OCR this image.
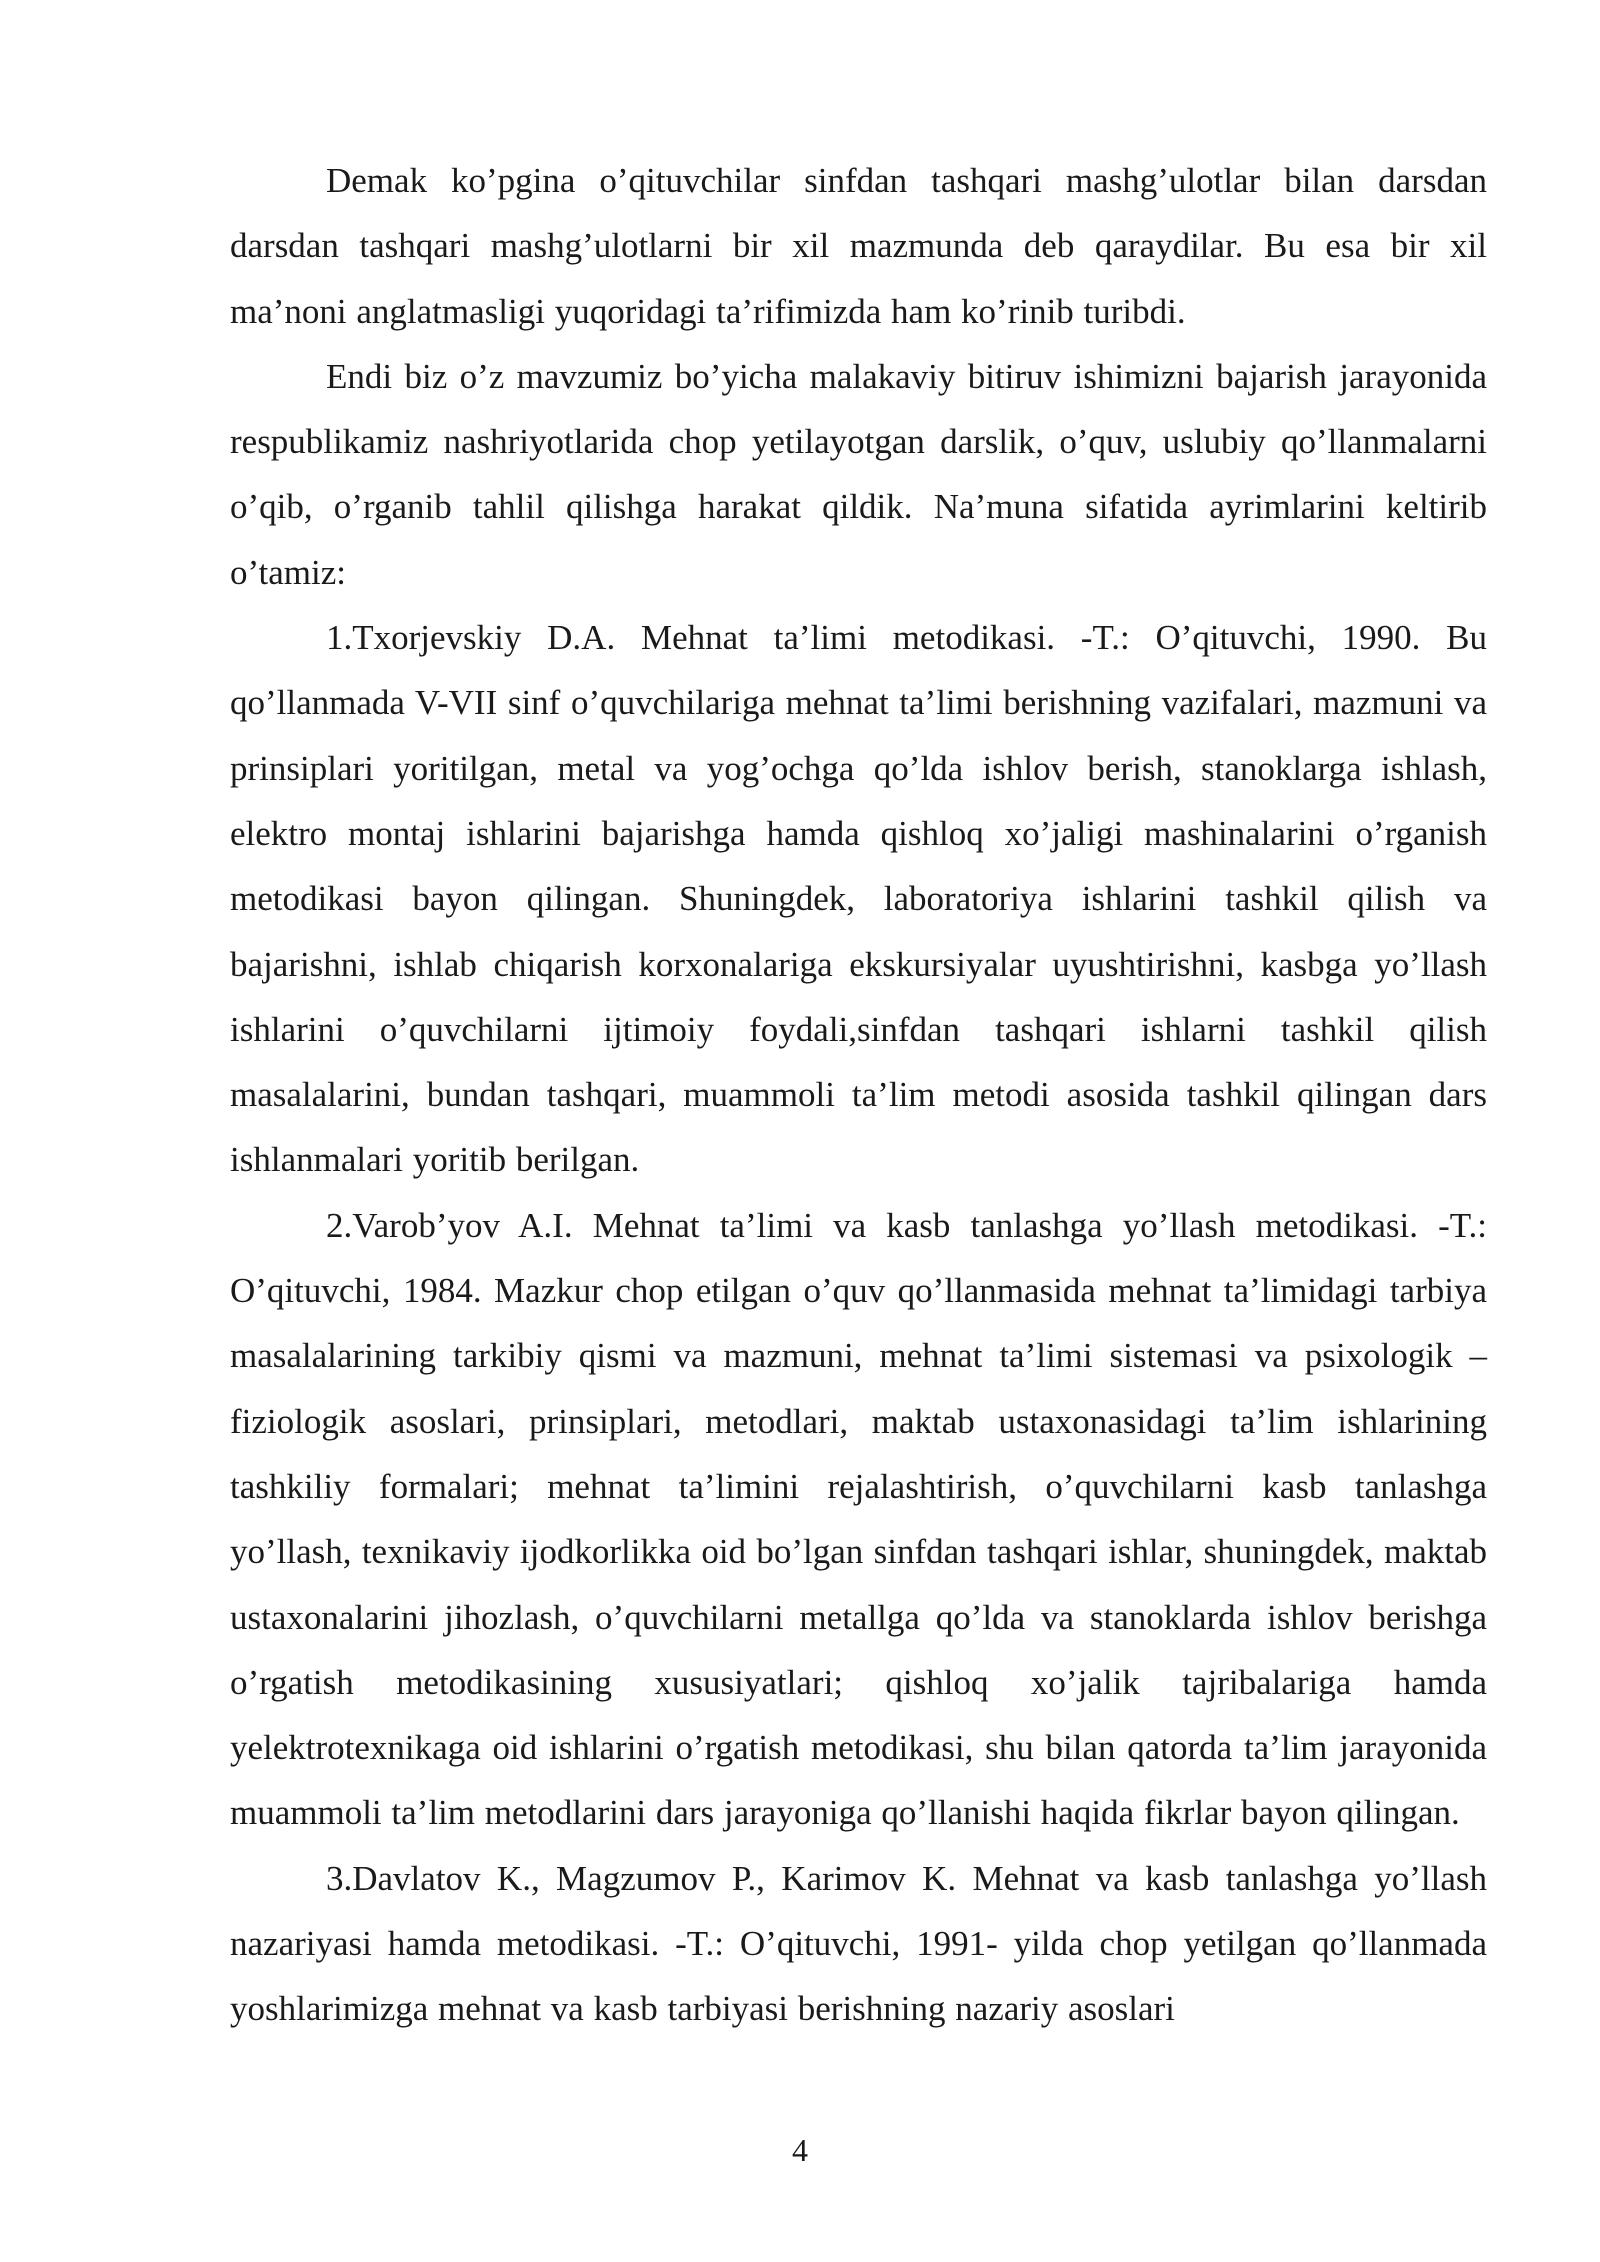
Demak ko’pgina o’qituvchilar sinfdan tashqari mashg’ulotlar bilan darsdan darsdan tashqari mashg’ulotlarni bir xil mazmunda deb qaraydilar. Bu esa bir xil ma’noni anglatmasligi yuqoridagi ta’rifimizda ham ko’rinib turibdi.

Endi biz o’z mavzumiz bo’yicha malakaviy bitiruv ishimizni bajarish jarayonida respublikamiz nashriyotlarida chop yetilayotgan darslik, o’quv, uslubiy qo’llanmalarni o’qib, o’rganib tahlil qilishga harakat qildik. Na’muna sifatida ayrimlarini keltirib o’tamiz:

1.Txorjevskiy D.A. Mehnat ta’limi metodikasi. -T.: O’qituvchi, 1990. Bu qo’llanmada V-VII sinf o’quvchilariga mehnat ta’limi berishning vazifalari, mazmuni va prinsiplari yoritilgan, metal va yog’ochga qo’lda ishlov berish, stanoklarga ishlash, elektro montaj ishlarini bajarishga hamda qishloq xo’jaligi mashinalarini o’rganish metodikasi bayon qilingan. Shuningdek, laboratoriya ishlarini tashkil qilish va bajarishni, ishlab chiqarish korxonalariga ekskursiyalar uyushtirishni, kasbga yo’llash ishlarini o’quvchilarni ijtimoiy foydali,sinfdan tashqari ishlarni tashkil qilish masalalarini, bundan tashqari, muammoli ta’lim metodi asosida tashkil qilingan dars ishlanmalari yoritib berilgan.

2.Varob’yov A.I. Mehnat ta’limi va kasb tanlashga yo’llash metodikasi. -T.: O’qituvchi, 1984. Mazkur chop etilgan o’quv qo’llanmasida mehnat ta’limidagi tarbiya masalalarining tarkibiy qismi va mazmuni, mehnat ta’limi sistemasi va psixologik – fiziologik asoslari, prinsiplari, metodlari, maktab ustaxonasidagi ta’lim ishlarining tashkiliy formalari; mehnat ta’limini rejalashtirish, o’quvchilarni kasb tanlashga yo’llash, texnikaviy ijodkorlikka oid bo’lgan sinfdan tashqari ishlar, shuningdek, maktab ustaxonalarini jihozlash, o’quvchilarni metallga qo’lda va stanoklarda ishlov berishga o’rgatish metodikasining xususiyatlari; qishloq xo’jalik tajribalariga hamda yelektrotexnikaga oid ishlarini o’rgatish metodikasi, shu bilan qatorda ta’lim jarayonida muammoli ta’lim metodlarini dars jarayoniga qo’llanishi haqida fikrlar bayon qilingan.

3.Davlatov K., Magzumov P., Karimov K. Mehnat va kasb tanlashga yo’llash nazariyasi hamda metodikasi. -T.: O’qituvchi, 1991- yilda chop yetilgan qo’llanmada yoshlarimizga mehnat va kasb tarbiyasi berishning nazariy asoslari

4
